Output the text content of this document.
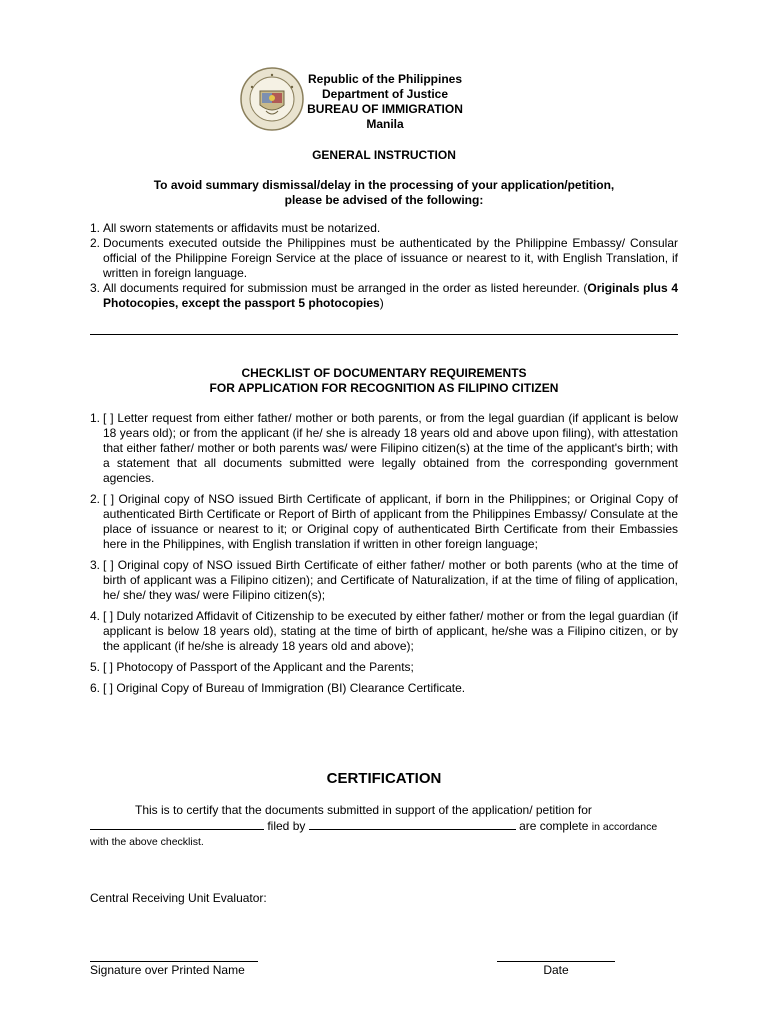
Republic of the Philippines
Department of Justice
BUREAU OF IMMIGRATION
Manila
GENERAL INSTRUCTION
To avoid summary dismissal/delay in the processing of your application/petition,
please be advised of the following:
1. All sworn statements or affidavits must be notarized.
2. Documents executed outside the Philippines must be authenticated by the Philippine Embassy/ Consular official of the Philippine Foreign Service at the place of issuance or nearest to it, with English Translation, if written in foreign language.
3. All documents required for submission must be arranged in the order as listed hereunder. (Originals plus 4 Photocopies, except the passport 5 photocopies)
CHECKLIST OF DOCUMENTARY REQUIREMENTS
FOR APPLICATION FOR RECOGNITION AS FILIPINO CITIZEN
1. [ ] Letter request from either father/ mother or both parents, or from the legal guardian (if applicant is below 18 years old); or from the applicant (if he/ she is already 18 years old and above upon filing), with attestation that either father/ mother or both parents was/ were Filipino citizen(s) at the time of the applicant's birth; with a statement that all documents submitted were legally obtained from the corresponding government agencies.
2. [ ] Original copy of NSO issued Birth Certificate of applicant, if born in the Philippines; or Original Copy of authenticated Birth Certificate or Report of Birth of applicant from the Philippines Embassy/ Consulate at the place of issuance or nearest to it; or Original copy of authenticated Birth Certificate from their Embassies here in the Philippines, with English translation if written in other foreign language;
3. [ ] Original copy of NSO issued Birth Certificate of either father/ mother or both parents (who at the time of birth of applicant was a Filipino citizen); and Certificate of Naturalization, if at the time of filing of application, he/ she/ they was/ were Filipino citizen(s);
4. [ ] Duly notarized Affidavit of Citizenship to be executed by either father/ mother or from the legal guardian (if applicant is below 18 years old), stating at the time of birth of applicant, he/she was a Filipino citizen, or by the applicant (if he/she is already 18 years old and above);
5. [ ] Photocopy of Passport of the Applicant and the Parents;
6. [ ] Original Copy of Bureau of Immigration (BI) Clearance Certificate.
CERTIFICATION
This is to certify that the documents submitted in support of the application/ petition for
filed by	are complete in accordance
with the above checklist.
Central Receiving Unit Evaluator:
Signature over Printed Name	Date
